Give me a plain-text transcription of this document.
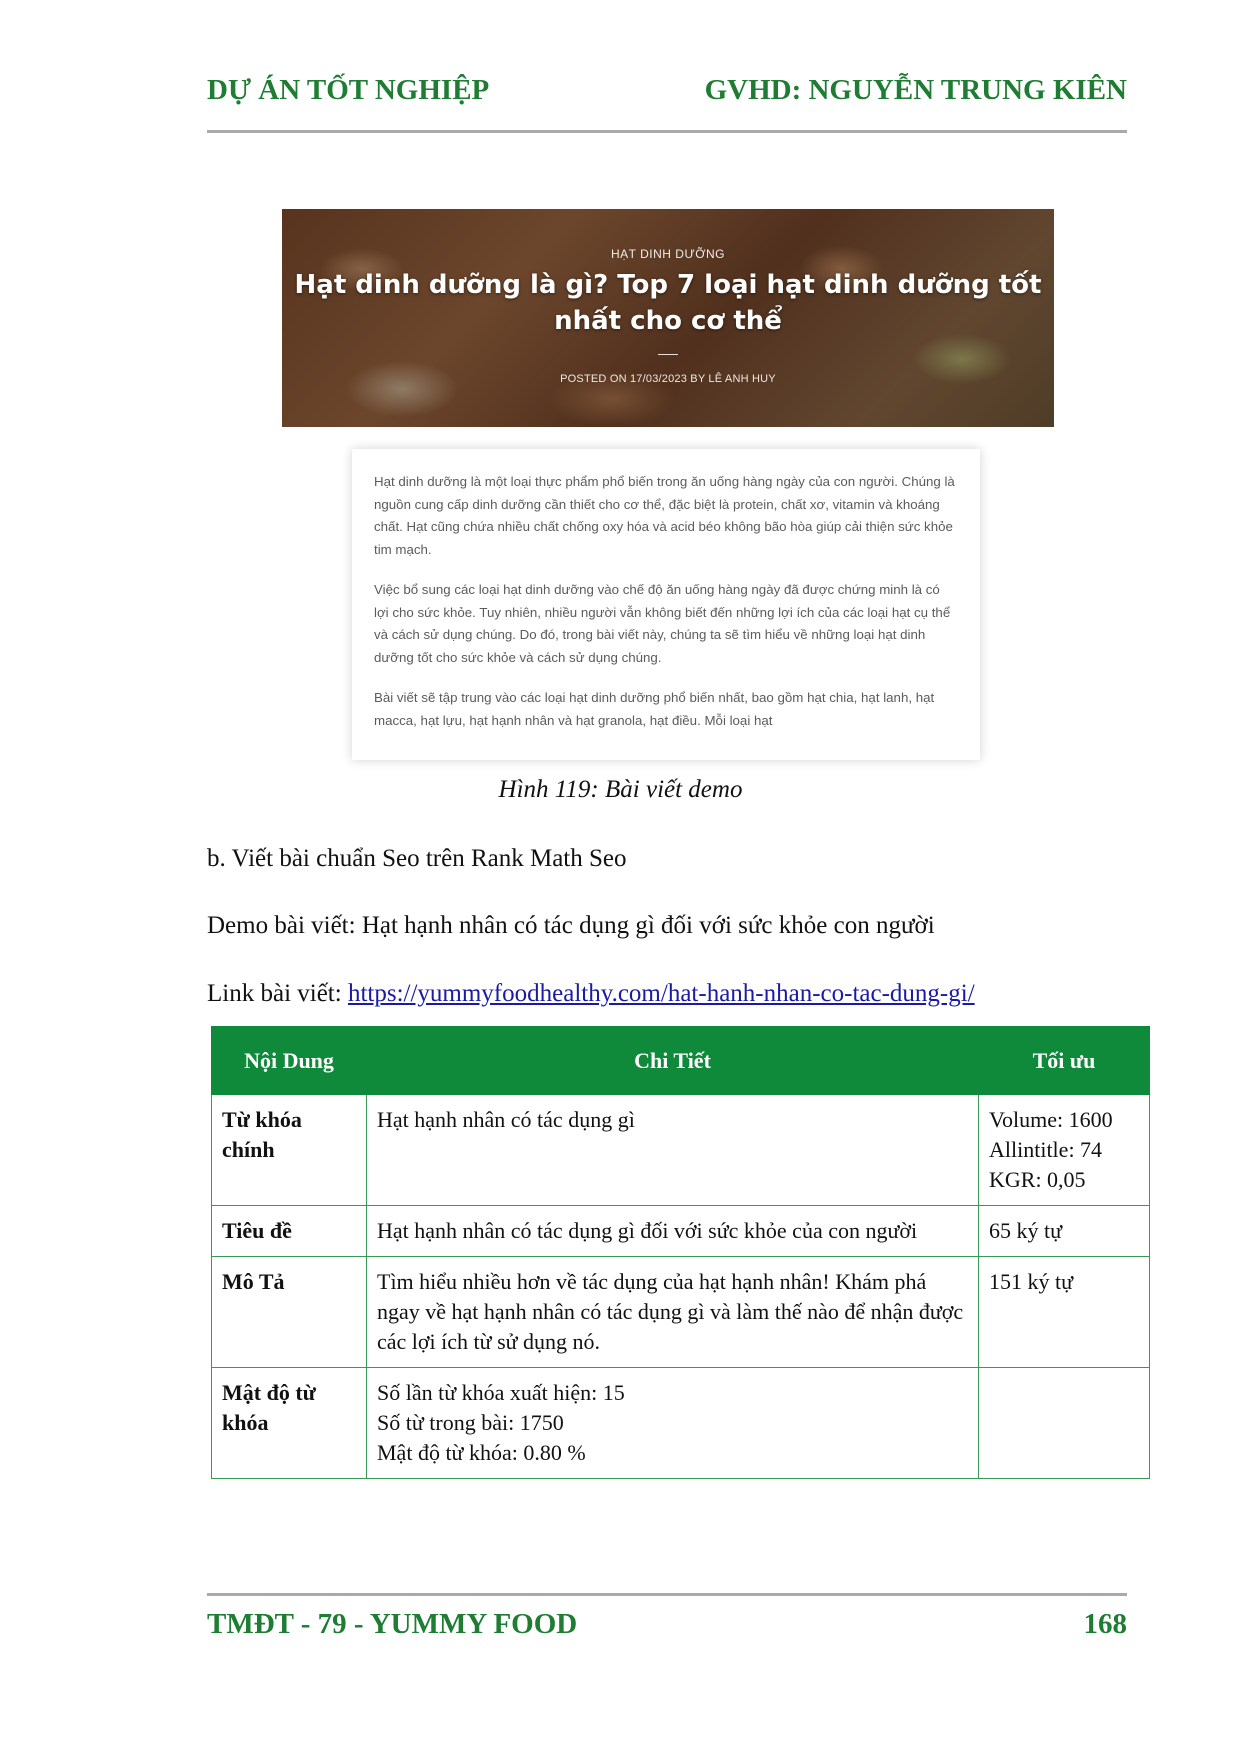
DỰ ÁN TỐT NGHIỆP	GVHD: NGUYỄN TRUNG KIÊN
HẠT DINH DƯỠNG
Hạt dinh dưỡng là gì? Top 7 loại hạt dinh dưỡng tốt nhất cho cơ thể
POSTED ON 17/03/2023 BY LÊ ANH HUY

Hạt dinh dưỡng là một loại thực phẩm phổ biến trong ăn uống hàng ngày của con người. Chúng là nguồn cung cấp dinh dưỡng cần thiết cho cơ thể, đặc biệt là protein, chất xơ, vitamin và khoáng chất. Hạt cũng chứa nhiều chất chống oxy hóa và acid béo không bão hòa giúp cải thiện sức khỏe tim mạch.

Việc bổ sung các loại hạt dinh dưỡng vào chế độ ăn uống hàng ngày đã được chứng minh là có lợi cho sức khỏe. Tuy nhiên, nhiều người vẫn không biết đến những lợi ích của các loại hạt cụ thể và cách sử dụng chúng. Do đó, trong bài viết này, chúng ta sẽ tìm hiểu về những loại hạt dinh dưỡng tốt cho sức khỏe và cách sử dụng chúng.

Bài viết sẽ tập trung vào các loại hạt dinh dưỡng phổ biến nhất, bao gồm hạt chia, hạt lanh, hạt macca, hạt lựu, hạt hạnh nhân và hạt granola, hạt điều. Mỗi loại hạt

Hình 119: Bài viết demo
b. Viết bài chuẩn Seo trên Rank Math Seo
Demo bài viết: Hạt hạnh nhân có tác dụng gì đối với sức khỏe con người
Link bài viết: https://yummyfoodhealthy.com/hat-hanh-nhan-co-tac-dung-gi/
Nội Dung	Chi Tiết	Tối ưu
Từ khóa chính	Hạt hạnh nhân có tác dụng gì	Volume: 1600
Allintitle: 74
KGR: 0,05

Tiêu đề	Hạt hạnh nhân có tác dụng gì đối với sức khỏe của con người	65 ký tự

Mô Tả	Tìm hiểu nhiều hơn về tác dụng của hạt hạnh nhân! Khám phá ngay về hạt hạnh nhân có tác dụng gì và làm thế nào để nhận được các lợi ích từ sử dụng nó.	151 ký tự

Mật độ từ khóa	Số lần từ khóa xuất hiện: 15
Số từ trong bài: 1750
Mật độ từ khóa: 0.80 %	

TMĐT - 79 - YUMMY FOOD	168
